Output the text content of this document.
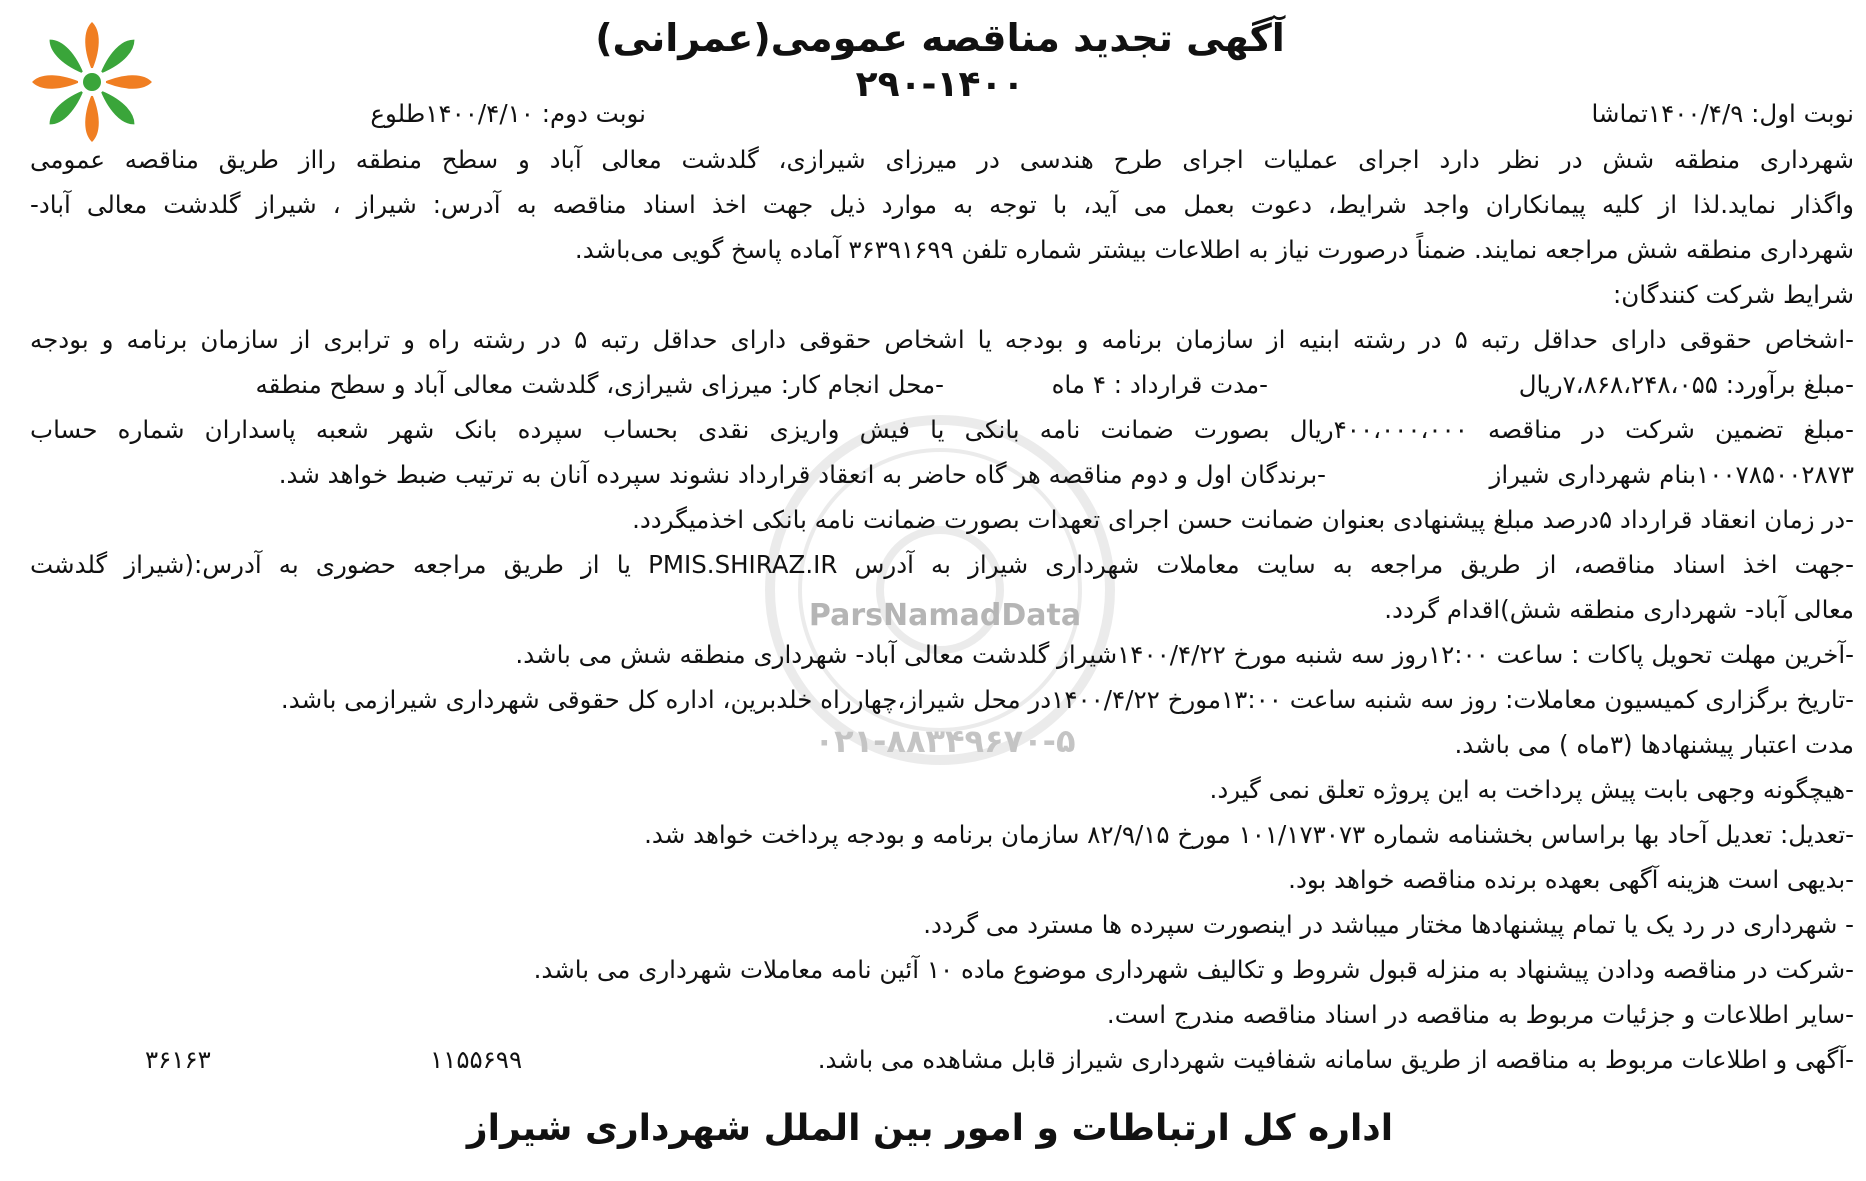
ParsNamadData
۰۲۱-۸۸۳۴۹۶۷۰-۵
آگهی تجدید مناقصه عمومی(عمرانی)
۲۹۰-۱۴۰۰
نوبت اول: ۱۴۰۰/۴/۹تماشا
نوبت دوم: ۱۴۰۰/۴/۱۰طلوع
شهرداری منطقه شش در نظر دارد اجرای عملیات اجرای طرح هندسی در میرزای شیرازی، گلدشت معالی آباد و سطح منطقه رااز طریق مناقصه عمومی
واگذار نماید.لذا از کلیه پیمانکاران واجد شرایط، دعوت بعمل می آید، با توجه به موارد ذیل جهت اخذ اسناد مناقصه به آدرس: شیراز ، شیراز گلدشت معالی آباد-
شهرداری منطقه شش مراجعه نمایند. ضمناً درصورت نیاز به اطلاعات بیشتر شماره تلفن ۳۶۳۹۱۶۹۹ آماده پاسخ گویی می‌باشد.
شرایط شرکت کنندگان:
-اشخاص حقوقی دارای حداقل رتبه ۵ در رشته ابنیه از سازمان برنامه و بودجه یا اشخاص حقوقی دارای حداقل رتبه ۵ در رشته راه و ترابری از سازمان برنامه و بودجه
-مبلغ برآورد: ۷،۸۶۸،۲۴۸،۰۵۵ریال
-مدت قرارداد : ۴ ماه
-محل انجام کار: میرزای شیرازی، گلدشت معالی آباد و سطح منطقه
-مبلغ تضمین شرکت در مناقصه ۴۰۰،۰۰۰،۰۰۰ریال بصورت ضمانت نامه بانکی یا فیش واریزی نقدی بحساب سپرده بانک شهر شعبه پاسداران شماره حساب
۱۰۰۷۸۵۰۰۲۸۷۳بنام شهرداری شیراز
-برندگان اول و دوم مناقصه هر گاه حاضر به انعقاد قرارداد نشوند سپرده آنان به ترتیب ضبط خواهد شد.
-در زمان انعقاد قرارداد ۵درصد مبلغ پیشنهادی بعنوان ضمانت حسن اجرای تعهدات بصورت ضمانت نامه بانکی اخذمیگردد.
-جهت اخذ اسناد مناقصه، از طریق مراجعه به سایت معاملات شهرداری شیراز به آدرس PMIS.SHIRAZ.IR یا از طریق مراجعه حضوری به آدرس:(شیراز گلدشت
معالی آباد- شهرداری منطقه شش)اقدام گردد.
-آخرین مهلت تحویل پاکات : ساعت ۱۲:۰۰روز سه شنبه مورخ ۱۴۰۰/۴/۲۲شیراز گلدشت معالی آباد- شهرداری منطقه شش می باشد.
-تاریخ برگزاری کمیسیون معاملات: روز سه شنبه ساعت ۱۳:۰۰مورخ ۱۴۰۰/۴/۲۲در محل شیراز،چهارراه خلدبرین، اداره کل حقوقی شهرداری شیرازمی باشد.
مدت اعتبار پیشنهادها (۳ماه ) می باشد.
-هیچگونه وجهی بابت پیش پرداخت به این پروژه تعلق نمی گیرد.
-تعدیل: تعدیل آحاد بها براساس بخشنامه شماره ۱۰۱/۱۷۳۰۷۳ مورخ ۸۲/۹/۱۵ سازمان برنامه و بودجه پرداخت خواهد شد.
-بدیهی است هزینه آگهی بعهده برنده مناقصه خواهد بود.
- شهرداری در رد یک یا تمام پیشنهادها مختار میباشد در اینصورت سپرده ها مسترد می گردد.
-شرکت در مناقصه ودادن پیشنهاد به منزله قبول شروط و تکالیف شهرداری موضوع ماده ۱۰ آئین نامه معاملات شهرداری می باشد.
-سایر اطلاعات و جزئیات مربوط به مناقصه در اسناد مناقصه مندرج است.
-آگهی و اطلاعات مربوط به مناقصه از طریق سامانه شفافیت شهرداری شیراز قابل مشاهده می باشد.
۱۱۵۵۶۹۹
۳۶۱۶۳
اداره کل ارتباطات و امور بین الملل شهرداری شیراز
